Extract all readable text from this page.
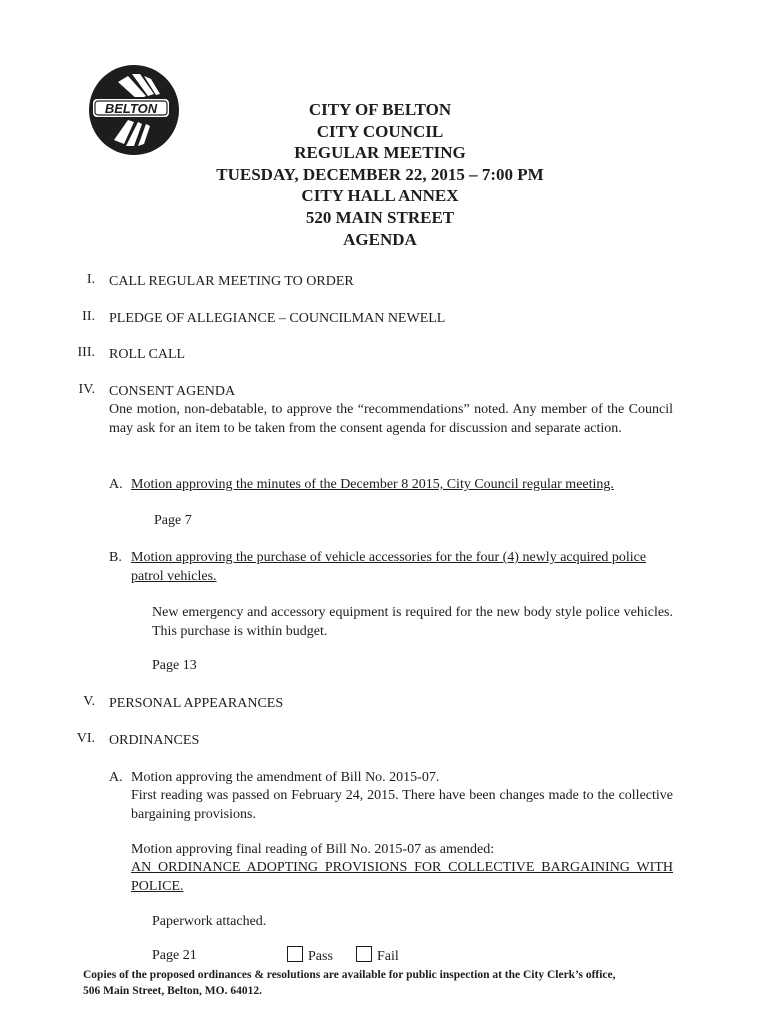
BELTON	CITY OF BELTON
CITY COUNCIL
REGULAR MEETING
TUESDAY, DECEMBER 22, 2015 – 7:00 PM
CITY HALL ANNEX
520 MAIN STREET
AGENDA
I. CALL REGULAR MEETING TO ORDER
II. PLEDGE OF ALLEGIANCE – COUNCILMAN NEWELL
III. ROLL CALL
IV. CONSENT AGENDA
One motion, non-debatable, to approve the “recommendations” noted. Any member of the Council may ask for an item to be taken from the consent agenda for discussion and separate action.
A. Motion approving the minutes of the December 8 2015, City Council regular meeting.
Page 7
B. Motion approving the purchase of vehicle accessories for the four (4) newly acquired police patrol vehicles.
New emergency and accessory equipment is required for the new body style police vehicles. This purchase is within budget.
Page 13
V. PERSONAL APPEARANCES
VI. ORDINANCES
A. Motion approving the amendment of Bill No. 2015-07.
First reading was passed on February 24, 2015. There have been changes made to the collective bargaining provisions.
Motion approving final reading of Bill No. 2015-07 as amended:
AN ORDINANCE ADOPTING PROVISIONS FOR COLLECTIVE BARGAINING WITH POLICE.
Paperwork attached.
Page 21	Pass	Fail
Copies of the proposed ordinances & resolutions are available for public inspection at the City Clerk’s office,
506 Main Street, Belton, MO. 64012.
